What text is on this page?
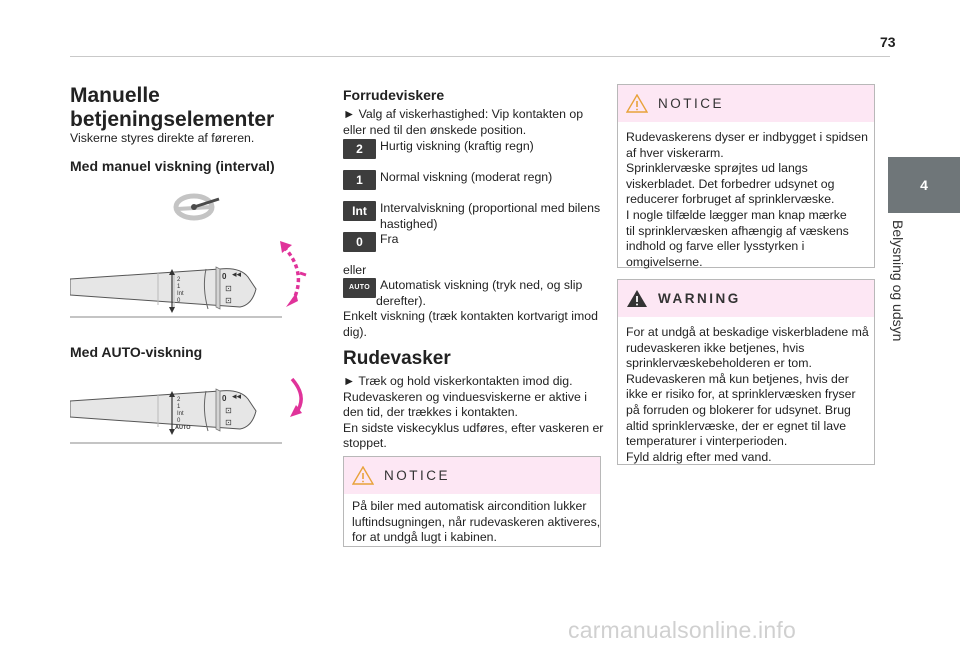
73
4
Belysning og udsyn
Manuelle
betjeningselementer
Viskerne styres direkte af føreren.
Med manuel viskning (interval)
2
1
Int
0
0 ◂◂
⊡
⊡
Med AUTO-viskning
2
1
Int
0
AUTO
0 ◂◂
⊡
⊡
Forrudeviskere
► Valg af viskerhastighed: Vip kontakten op
eller ned til den ønskede position.
2	Hurtig viskning (kraftig regn)
1	Normal viskning (moderat regn)
Int	Intervalviskning (proportional med bilens
hastighed)
0	Fra
eller
AUTO Automatisk viskning (tryk ned, og slip
derefter).
Enkelt viskning (træk kontakten kortvarigt imod
dig).
Rudevasker
► Træk og hold viskerkontakten imod dig.
Rudevaskeren og vinduesviskerne er aktive i
den tid, der trækkes i kontakten.
En sidste viskecyklus udføres, efter vaskeren er
stoppet.
NOTICE
På biler med automatisk aircondition lukker
luftindsugningen, når rudevaskeren aktiveres,
for at undgå lugt i kabinen.
NOTICE
Rudevaskerens dyser er indbygget i spidsen
af hver viskerarm.
Sprinklervæske sprøjtes ud langs
viskerbladet. Det forbedrer udsynet og
reducerer forbruget af sprinklervæske.
I nogle tilfælde lægger man knap mærke
til sprinklervæsken afhængig af væskens
indhold og farve eller lysstyrken i
omgivelserne.
WARNING
For at undgå at beskadige viskerbladene må
rudevaskeren ikke betjenes, hvis
sprinklervæskebeholderen er tom.
Rudevaskeren må kun betjenes, hvis der
ikke er risiko for, at sprinklervæsken fryser
på forruden og blokerer for udsynet. Brug
altid sprinklervæske, der er egnet til lave
temperaturer i vinterperioden.
Fyld aldrig efter med vand.
carmanualsonline.info
